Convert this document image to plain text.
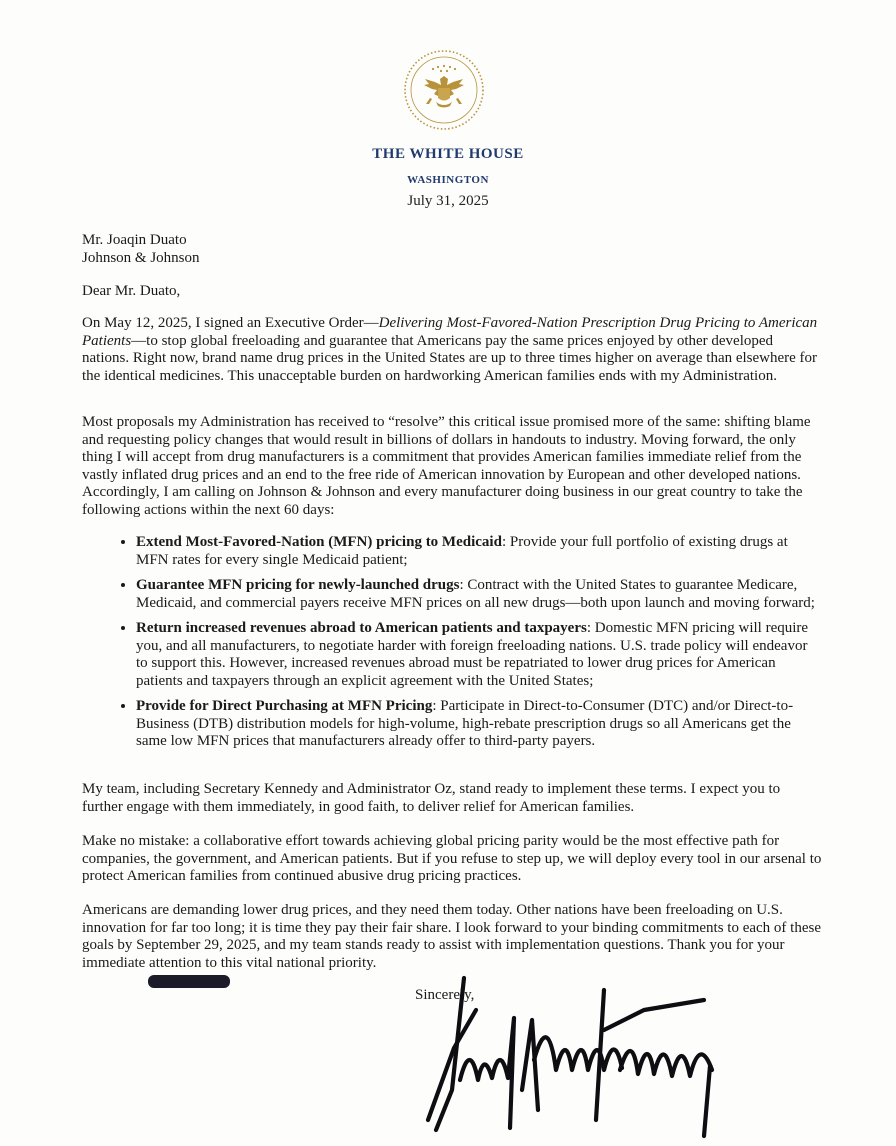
THE WHITE HOUSE
WASHINGTON
July 31, 2025
Mr. Joaqin Duato
Johnson & Johnson
Dear Mr. Duato,
On May 12, 2025, I signed an Executive Order—Delivering Most-Favored-Nation Prescription Drug Pricing to American Patients—to stop global freeloading and guarantee that Americans pay the same prices enjoyed by other developed nations. Right now, brand name drug prices in the United States are up to three times higher on average than elsewhere for the identical medicines. This unacceptable burden on hardworking American families ends with my Administration.
Most proposals my Administration has received to “resolve” this critical issue promised more of the same: shifting blame and requesting policy changes that would result in billions of dollars in handouts to industry. Moving forward, the only thing I will accept from drug manufacturers is a commitment that provides American families immediate relief from the vastly inflated drug prices and an end to the free ride of American innovation by European and other developed nations. Accordingly, I am calling on Johnson & Johnson and every manufacturer doing business in our great country to take the following actions within the next 60 days:
• Extend Most-Favored-Nation (MFN) pricing to Medicaid: Provide your full portfolio of existing drugs at MFN rates for every single Medicaid patient;
• Guarantee MFN pricing for newly-launched drugs: Contract with the United States to guarantee Medicare, Medicaid, and commercial payers receive MFN prices on all new drugs—both upon launch and moving forward;
• Return increased revenues abroad to American patients and taxpayers: Domestic MFN pricing will require you, and all manufacturers, to negotiate harder with foreign freeloading nations. U.S. trade policy will endeavor to support this. However, increased revenues abroad must be repatriated to lower drug prices for American patients and taxpayers through an explicit agreement with the United States;
• Provide for Direct Purchasing at MFN Pricing: Participate in Direct-to-Consumer (DTC) and/or Direct-to-Business (DTB) distribution models for high-volume, high-rebate prescription drugs so all Americans get the same low MFN prices that manufacturers already offer to third-party payers.
My team, including Secretary Kennedy and Administrator Oz, stand ready to implement these terms. I expect you to further engage with them immediately, in good faith, to deliver relief for American families.
Make no mistake: a collaborative effort towards achieving global pricing parity would be the most effective path for companies, the government, and American patients. But if you refuse to step up, we will deploy every tool in our arsenal to protect American families from continued abusive drug pricing practices.
Americans are demanding lower drug prices, and they need them today. Other nations have been freeloading on U.S. innovation for far too long; it is time they pay their fair share. I look forward to your binding commitments to each of these goals by September 29, 2025, and my team stands ready to assist with implementation questions. Thank you for your immediate attention to this vital national priority.
Sincerely,
